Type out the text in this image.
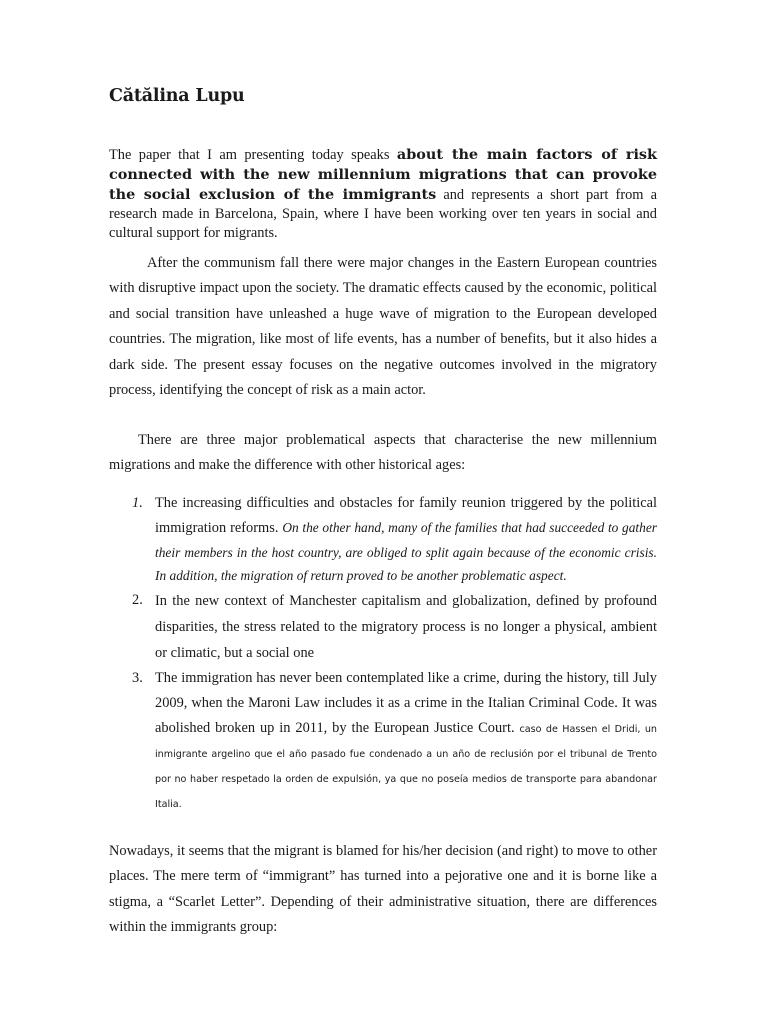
Cătălina Lupu

The paper that I am presenting today speaks about the main factors of risk connected with the new millennium migrations that can provoke the social exclusion of the immigrants and represents a short part from a research made in Barcelona, Spain, where I have been working over ten years in social and cultural support for migrants.

After the communism fall there were major changes in the Eastern European countries with disruptive impact upon the society. The dramatic effects caused by the economic, political and social transition have unleashed a huge wave of migration to the European developed countries. The migration, like most of life events, has a number of benefits, but it also hides a dark side. The present essay focuses on the negative outcomes involved in the migratory process, identifying the concept of risk as a main actor.

There are three major problematical aspects that characterise the new millennium migrations and make the difference with other historical ages:

1. The increasing difficulties and obstacles for family reunion triggered by the political immigration reforms. On the other hand, many of the families that had succeeded to gather their members in the host country, are obliged to split again because of the economic crisis. In addition, the migration of return proved to be another problematic aspect.
2. In the new context of Manchester capitalism and globalization, defined by profound disparities, the stress related to the migratory process is no longer a physical, ambient or climatic, but a social one
3. The immigration has never been contemplated like a crime, during the history, till July 2009, when the Maroni Law includes it as a crime in the Italian Criminal Code. It was abolished broken up in 2011, by the European Justice Court. caso de Hassen el Dridi, un inmigrante argelino que el año pasado fue condenado a un año de reclusión por el tribunal de Trento por no haber respetado la orden de expulsión, ya que no poseía medios de transporte para abandonar Italia.

Nowadays, it seems that the migrant is blamed for his/her decision (and right) to move to other places. The mere term of “immigrant” has turned into a pejorative one and it is borne like a stigma, a “Scarlet Letter”. Depending of their administrative situation, there are differences within the immigrants group:
